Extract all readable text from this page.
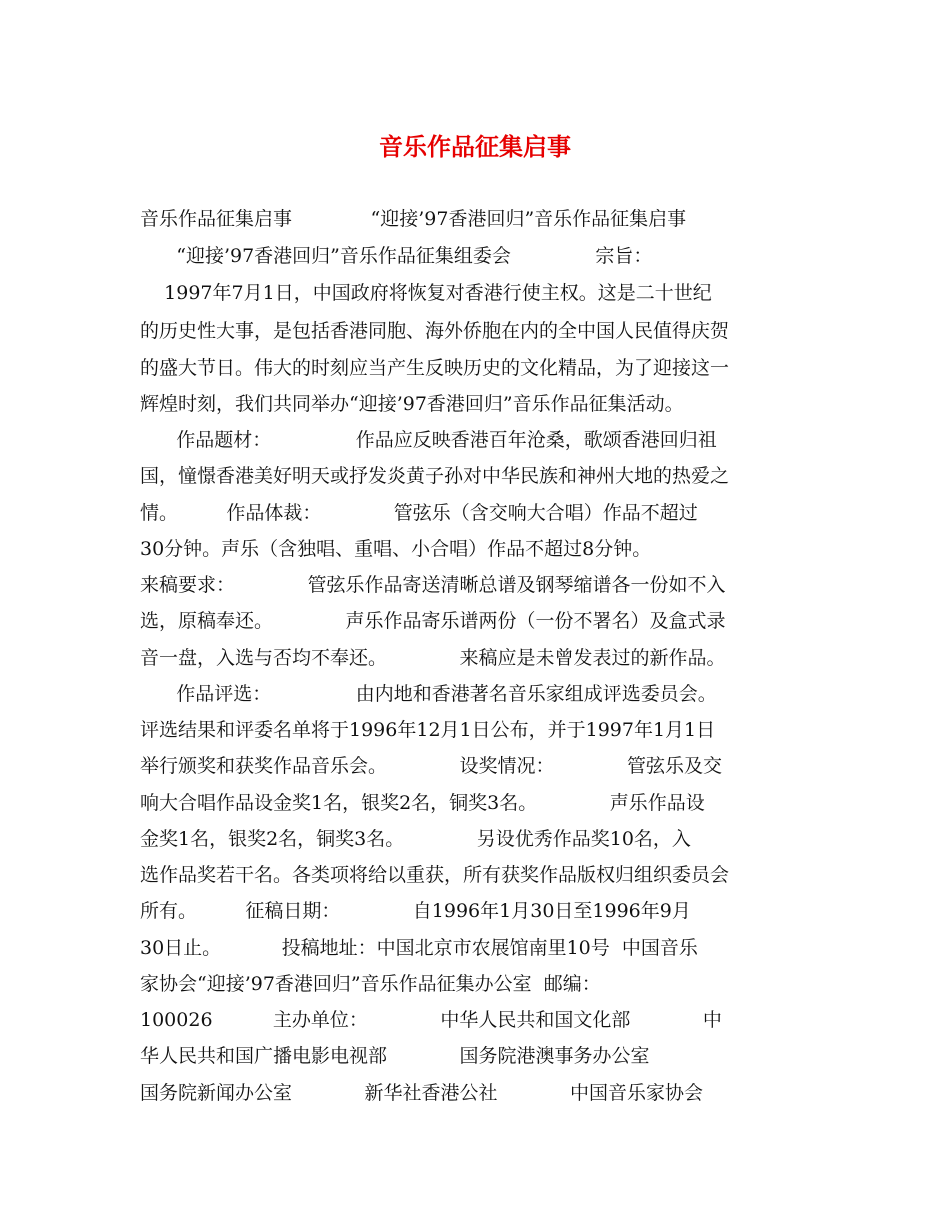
音乐作品征集启事

音乐作品征集启事             “迎接’97香港回归”音乐作品征集启事

“迎接’97香港回归”音乐作品征集组委会              宗旨：

1997年7月1日，中国政府将恢复对香港行使主权。这是二十世纪

的历史性大事，是包括香港同胞、海外侨胞在内的全中国人民值得庆贺

的盛大节日。伟大的时刻应当产生反映历史的文化精品，为了迎接这一

辉煌时刻，我们共同举办“迎接’97香港回归”音乐作品征集活动。

作品题材：              作品应反映香港百年沧桑，歌颂香港回归祖

国，憧憬香港美好明天或抒发炎黄子孙对中华民族和神州大地的热爱之

情。        作品体裁：            管弦乐（含交响大合唱）作品不超过

30分钟。声乐（含独唱、重唱、小合唱）作品不超过8分钟。

来稿要求：            管弦乐作品寄送清晰总谱及钢琴缩谱各一份如不入

选，原稿奉还。            声乐作品寄乐谱两份（一份不署名）及盒式录

音一盘，入选与否均不奉还。            来稿应是未曾发表过的新作品。

作品评选：              由内地和香港著名音乐家组成评选委员会。

评选结果和评委名单将于1996年12月1日公布，并于1997年1月1日

举行颁奖和获奖作品音乐会。            设奖情况：            管弦乐及交

响大合唱作品设金奖1名，银奖2名，铜奖3名。            声乐作品设

金奖1名，银奖2名，铜奖3名。            另设优秀作品奖10名，入

选作品奖若干名。各类项将给以重获，所有获奖作品版权归组织委员会

所有。        征稿日期：            自1996年1月30日至1996年9月

30日止。          投稿地址：中国北京市农展馆南里10号  中国音乐

家协会“迎接’97香港回归”音乐作品征集办公室  邮编：

100026          主办单位：            中华人民共和国文化部            中

华人民共和国广播电影电视部            国务院港澳事务办公室

国务院新闻办公室            新华社香港公社            中国音乐家协会
